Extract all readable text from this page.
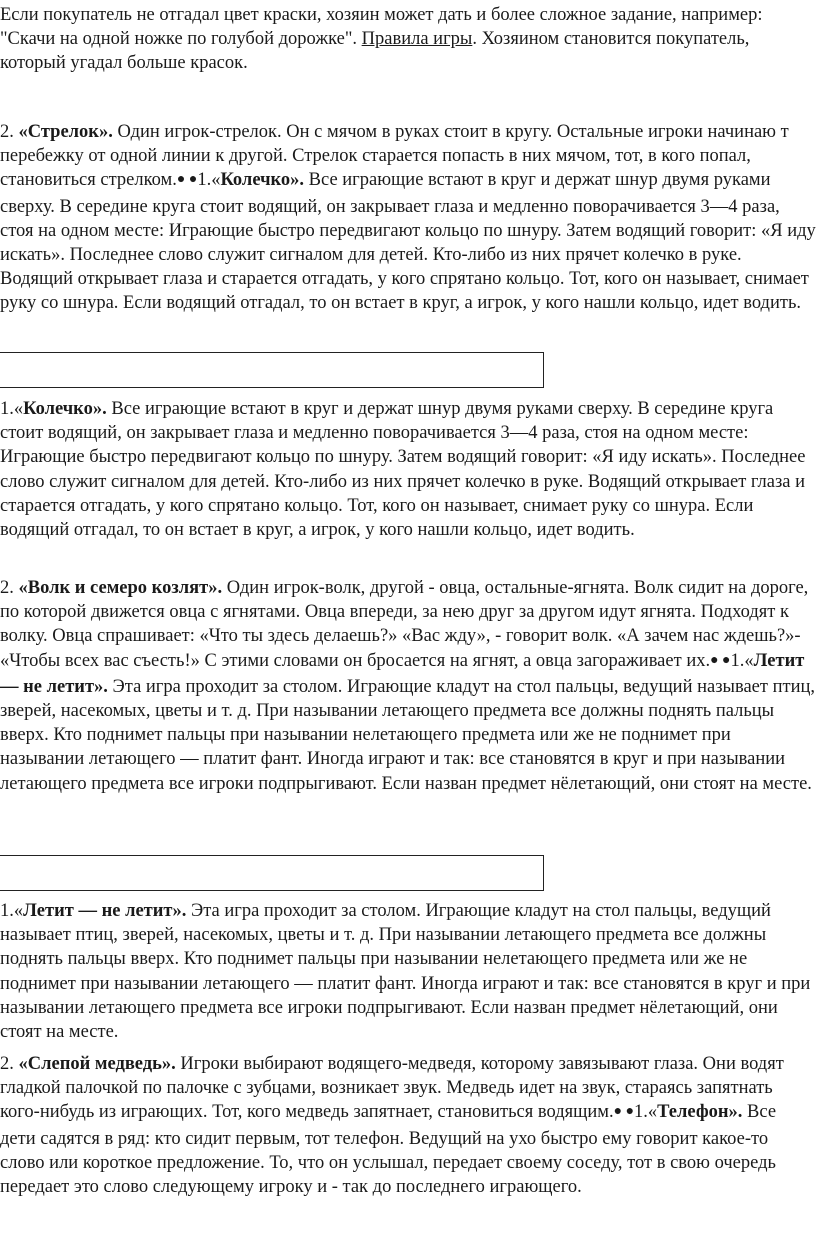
Если покупатель не отгадал цвет краски, хозяин может дать и более сложное задание, например: "Скачи на одной ножке по голубой дорожке". Правила игры. Хозяином становится покупатель, который угадал больше красок.

2. «Стрелок». Один игрок-стрелок. Он с мячом в руках стоит в кругу. Остальные игроки начинаю т перебежку от одной линии к другой. Стрелок старается попасть в них мячом, тот, в кого попал, становиться стрелком.● ●1.«Колечко». Все играющие встают в круг и держат шнур двумя руками сверху. В середине круга стоит водящий, он закрывает глаза и медленно поворачивается 3—4 раза, стоя на одном месте: Играющие быстро передвигают кольцо по шнуру. Затем водящий говорит: «Я иду искать». Последнее слово служит сигналом для детей. Кто-либо из них прячет колечко в руке. Водящий открывает глаза и старается отгадать, у кого спрятано кольцо. Тот, кого он называет, снимает руку со шнура. Если водящий отгадал, то он встает в круг, а игрок, у кого нашли кольцо, идет водить.

1.«Колечко». Все играющие встают в круг и держат шнур двумя руками сверху. В середине круга стоит водящий, он закрывает глаза и медленно поворачивается 3—4 раза, стоя на одном месте: Играющие быстро передвигают кольцо по шнуру. Затем водящий говорит: «Я иду искать». Последнее слово служит сигналом для детей. Кто-либо из них прячет колечко в руке. Водящий открывает глаза и старается отгадать, у кого спрятано кольцо. Тот, кого он называет, снимает руку со шнура. Если водящий отгадал, то он встает в круг, а игрок, у кого нашли кольцо, идет водить.

2. «Волк и семеро козлят». Один игрок-волк, другой - овца, остальные-ягнята. Волк сидит на дороге, по которой движется овца с ягнятами. Овца впереди, за нею друг за другом идут ягнята. Подходят к волку. Овца спрашивает: «Что ты здесь делаешь?» «Вас жду», - говорит волк. «А зачем нас ждешь?»- «Чтобы всех вас съесть!» С этими словами он бросается на ягнят, а овца загораживает их.● ●1.«Летит — не летит». Эта игра проходит за столом. Играющие кладут на стол пальцы, ведущий называет птиц, зверей, насекомых, цветы и т. д. При назывании летающего предмета все должны поднять пальцы вверх. Кто поднимет пальцы при назывании нелетающего предмета или же не поднимет при назывании летающего — платит фант. Иногда играют и так: все становятся в круг и при назывании летающего предмета все игроки подпрыгивают. Если назван предмет нëлетающий, они стоят на месте.

1.«Летит — не летит». Эта игра проходит за столом. Играющие кладут на стол пальцы, ведущий называет птиц, зверей, насекомых, цветы и т. д. При назывании летающего предмета все должны поднять пальцы вверх. Кто поднимет пальцы при назывании нелетающего предмета или же не поднимет при назывании летающего — платит фант. Иногда играют и так: все становятся в круг и при назывании летающего предмета все игроки подпрыгивают. Если назван предмет нëлетающий, они стоят на месте.

2. «Слепой медведь». Игроки выбирают водящего-медведя, которому завязывают глаза. Они водят гладкой палочкой по палочке с зубцами, возникает звук. Медведь идет на звук, стараясь запятнать кого-нибудь из играющих. Тот, кого медведь запятнает, становиться водящим.● ●1.«Телефон». Все дети садятся в ряд: кто сидит первым, тот телефон. Ведущий на ухо быстро ему говорит какое-то слово или короткое предложение. То, что он услышал, передает своему соседу, тот в свою очередь передает это слово следующему игроку и - так до последнего играющего.
